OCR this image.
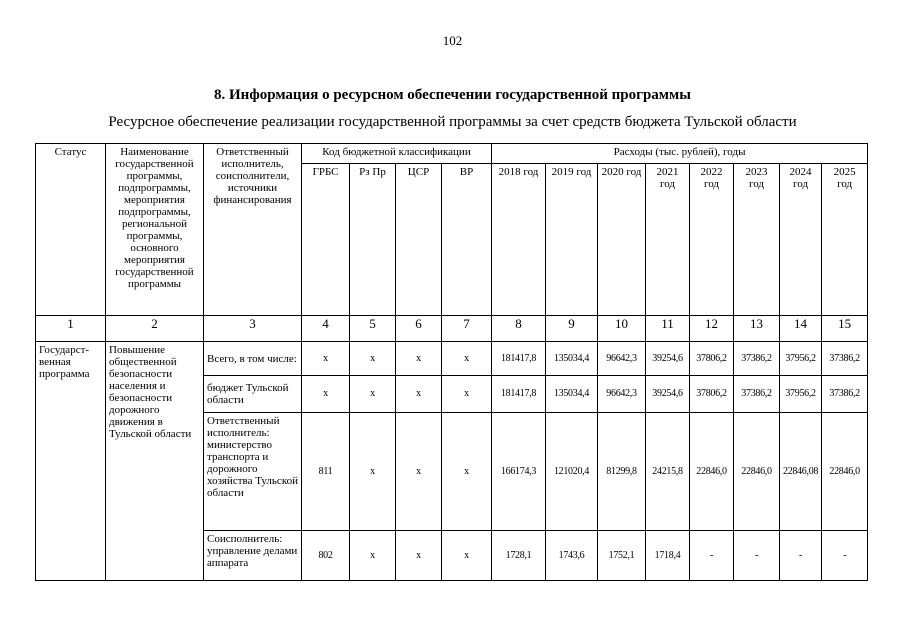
102
8. Информация о ресурсном обеспечении государственной программы
Ресурсное обеспечение реализации государственной программы за счет средств бюджета Тульской области
Статус	Наименование государственной программы, подпрограммы, мероприятия подпрограммы, региональной программы, основного мероприятия государственной программы	Ответственный исполнитель, соисполнители, источники финансирования	Код бюджетной классификации				Расходы (тыс. рублей), годы							
			ГРБС	Рз Пр	ЦСР	ВР	2018 год	2019 год	2020 год	2021 год	2022 год	2023 год	2024 год	2025 год
1	2	3	4	5	6	7	8	9	10	11	12	13	14	15
Государст-венная программа	Повышение общественной безопасности населения и безопасности дорожного движения в Тульской области	Всего, в том числе:	x	x	x	x	181417,8	135034,4	96642,3	39254,6	37806,2	37386,2	37956,2	37386,2
		бюджет Тульской области	x	x	x	x	181417,8	135034,4	96642,3	39254,6	37806,2	37386,2	37956,2	37386,2
		Ответственный исполнитель: министерство транспорта и дорожного хозяйства Тульской области	811	x	x	x	166174,3	121020,4	81299,8	24215,8	22846,0	22846,0	22846,08	22846,0
		Соисполнитель: управление делами аппарата	802	x	x	x	1728,1	1743,6	1752,1	1718,4	-	-	-	-
